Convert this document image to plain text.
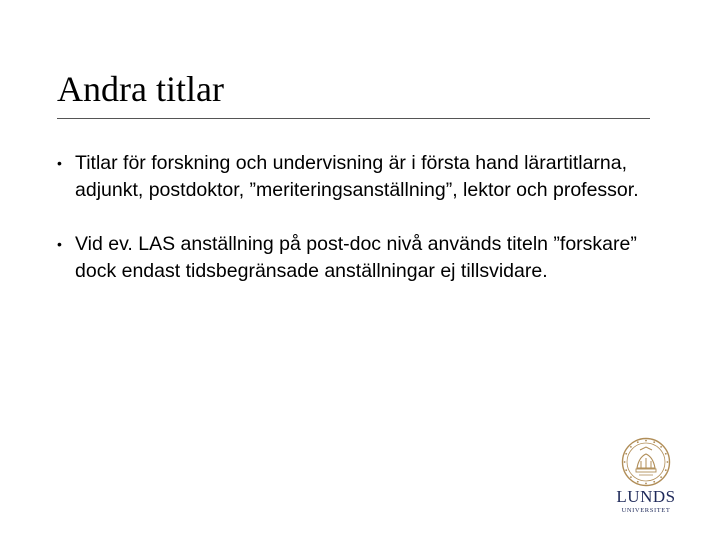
Andra titlar
• Titlar för forskning och undervisning är i första hand lärartitlarna, adjunkt, postdoktor, ”meriteringsanställning”, lektor och professor.
• Vid ev. LAS anställning på post-doc nivå används titeln ”forskare” dock endast tidsbegränsade anställningar ej tillsvidare.
LUNDS
UNIVERSITET
